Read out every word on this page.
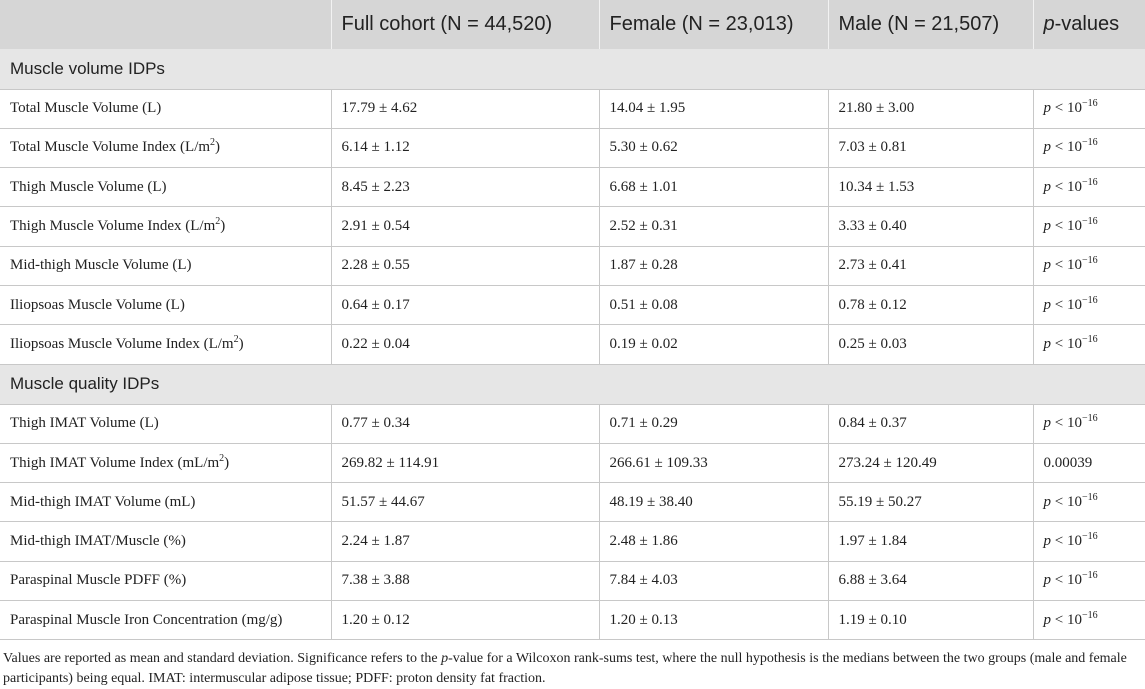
	Full cohort (N = 44,520)	Female (N = 23,013)	Male (N = 21,507)	p-values
Muscle volume IDPs				
Total Muscle Volume (L)	17.79 ± 4.62	14.04 ± 1.95	21.80 ± 3.00	$p < 10^{-16}$
Total Muscle Volume Index $(L/m^2)$	6.14 ± 1.12	5.30 ± 0.62	7.03 ± 0.81	$p < 10^{-16}$
Thigh Muscle Volume (L)	8.45 ± 2.23	6.68 ± 1.01	10.34 ± 1.53	$p < 10^{-16}$
Thigh Muscle Volume Index $(L/m^2)$	2.91 ± 0.54	2.52 ± 0.31	3.33 ± 0.40	$p < 10^{-16}$
Mid-thigh Muscle Volume (L)	2.28 ± 0.55	1.87 ± 0.28	2.73 ± 0.41	$p < 10^{-16}$
Iliopsoas Muscle Volume (L)	0.64 ± 0.17	0.51 ± 0.08	0.78 ± 0.12	$p < 10^{-16}$
Iliopsoas Muscle Volume Index $(L/m^2)$	0.22 ± 0.04	0.19 ± 0.02	0.25 ± 0.03	$p < 10^{-16}$
Muscle quality IDPs				
Thigh IMAT Volume (L)	0.77 ± 0.34	0.71 ± 0.29	0.84 ± 0.37	$p < 10^{-16}$
Thigh IMAT Volume Index $(mL/m^2)$	269.82 ± 114.91	266.61 ± 109.33	273.24 ± 120.49	0.00039
Mid-thigh IMAT Volume (mL)	51.57 ± 44.67	48.19 ± 38.40	55.19 ± 50.27	$p < 10^{-16}$
Mid-thigh IMAT/Muscle (%)	2.24 ± 1.87	2.48 ± 1.86	1.97 ± 1.84	$p < 10^{-16}$
Paraspinal Muscle PDFF (%)	7.38 ± 3.88	7.84 ± 4.03	6.88 ± 3.64	$p < 10^{-16}$
Paraspinal Muscle Iron Concentration (mg/g)	1.20 ± 0.12	1.20 ± 0.13	1.19 ± 0.10	$p < 10^{-16}$

Values are reported as mean and standard deviation. Significance refers to the p-value for a Wilcoxon rank-sums test, where the null hypothesis is the medians between the two groups (male and female participants) being equal. IMAT: intermuscular adipose tissue; PDFF: proton density fat fraction.
